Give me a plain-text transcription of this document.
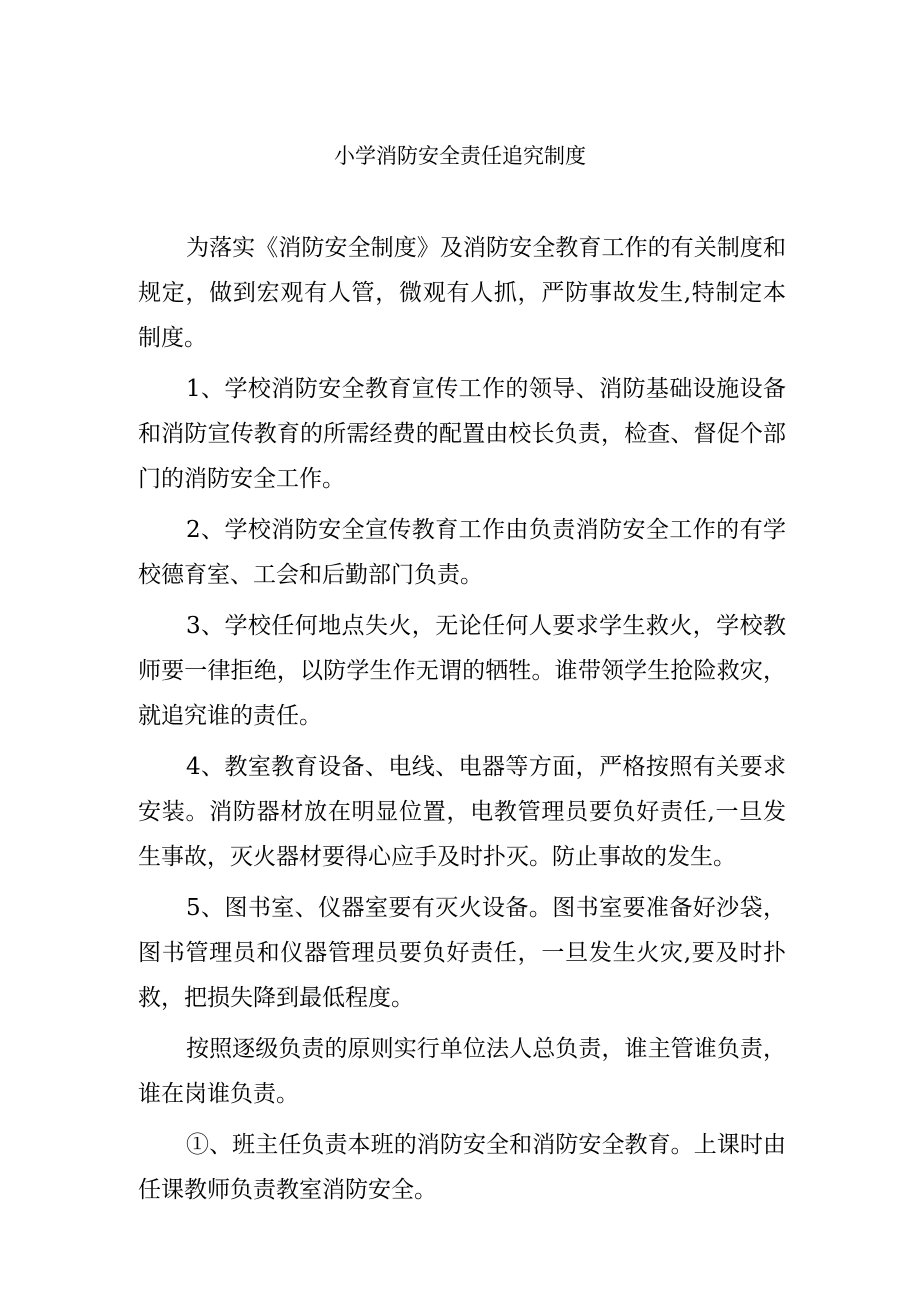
小学消防安全责任追究制度

为落实《消防安全制度》及消防安全教育工作的有关制度和规定，做到宏观有人管，微观有人抓，严防事故发生,特制定本制度。

1、学校消防安全教育宣传工作的领导、消防基础设施设备和消防宣传教育的所需经费的配置由校长负责，检查、督促个部门的消防安全工作。

2、学校消防安全宣传教育工作由负责消防安全工作的有学校德育室、工会和后勤部门负责。

3、学校任何地点失火，无论任何人要求学生救火，学校教师要一律拒绝，以防学生作无谓的牺牲。谁带领学生抢险救灾，就追究谁的责任。

4、教室教育设备、电线、电器等方面，严格按照有关要求安装。消防器材放在明显位置，电教管理员要负好责任,一旦发生事故，灭火器材要得心应手及时扑灭。防止事故的发生。

5、图书室、仪器室要有灭火设备。图书室要准备好沙袋，图书管理员和仪器管理员要负好责任，一旦发生火灾,要及时扑救，把损失降到最低程度。

按照逐级负责的原则实行单位法人总负责，谁主管谁负责，谁在岗谁负责。

①、班主任负责本班的消防安全和消防安全教育。上课时由任课教师负责教室消防安全。
